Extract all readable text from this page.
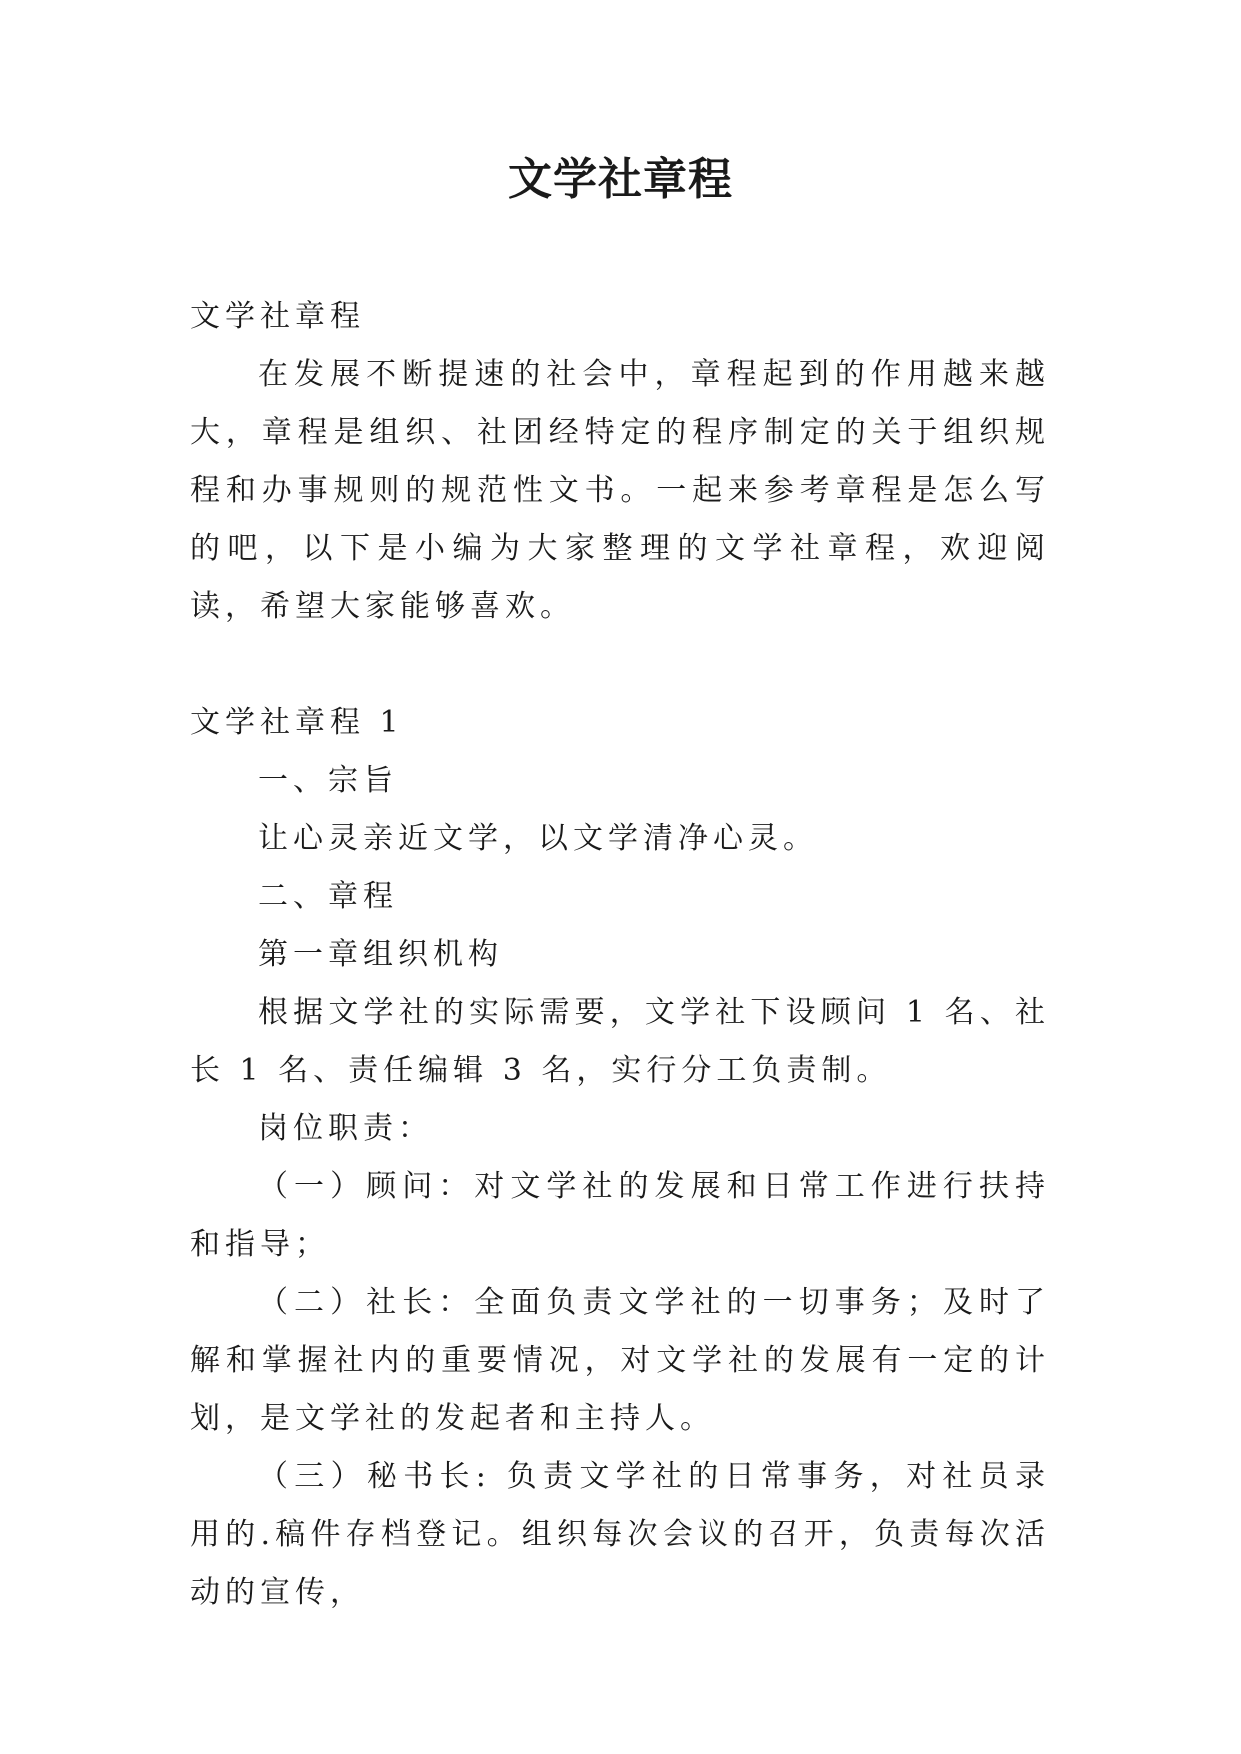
文学社章程

文学社章程

在发展不断提速的社会中，章程起到的作用越来越大，章程是组织、社团经特定的程序制定的关于组织规程和办事规则的规范性文书。一起来参考章程是怎么写的吧，以下是小编为大家整理的文学社章程，欢迎阅读，希望大家能够喜欢。

文学社章程 1

一、宗旨

让心灵亲近文学，以文学清净心灵。

二、章程

第一章组织机构

根据文学社的实际需要，文学社下设顾问 1 名、社长 1 名、责任编辑 3 名，实行分工负责制。

岗位职责：

（一）顾问：对文学社的发展和日常工作进行扶持和指导；

（二）社长：全面负责文学社的一切事务；及时了解和掌握社内的重要情况，对文学社的发展有一定的计划，是文学社的发起者和主持人。

（三）秘书长: 负责文学社的日常事务，对社员录用的.稿件存档登记。组织每次会议的召开，负责每次活动的宣传，
